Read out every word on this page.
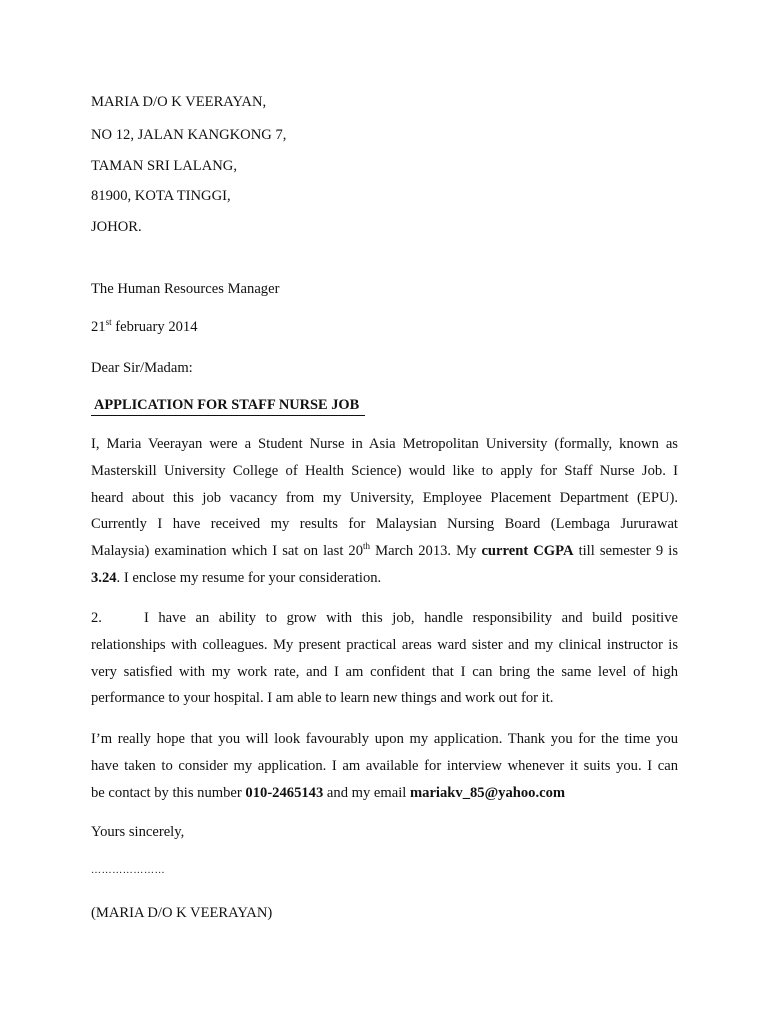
MARIA D/O K VEERAYAN,
NO 12, JALAN KANGKONG 7,
TAMAN SRI LALANG,
81900, KOTA TINGGI,
JOHOR.
The Human Resources Manager
21st february 2014
Dear Sir/Madam:
APPLICATION FOR STAFF NURSE JOB
I, Maria Veerayan were a Student Nurse in Asia Metropolitan University (formally, known as
Masterskill University College of Health Science) would like to apply for Staff Nurse Job. I
heard about this job vacancy from my University, Employee Placement Department (EPU).
Currently I have received my results for Malaysian Nursing Board (Lembaga Jururawat
Malaysia) examination which I sat on last 20th March 2013. My current CGPA till semester 9 is
3.24. I enclose my resume for your consideration.
2.	I have an ability to grow with this job, handle responsibility and build positive
relationships with colleagues. My present practical areas ward sister and my clinical instructor is
very satisfied with my work rate, and I am confident that I can bring the same level of high
performance to your hospital. I am able to learn new things and work out for it.
I’m really hope that you will look favourably upon my application. Thank you for the time you
have taken to consider my application. I am available for interview whenever it suits you. I can
be contact by this number 010-2465143 and my email mariakv_85@yahoo.com
Yours sincerely,
…………………
(MARIA D/O K VEERAYAN)
